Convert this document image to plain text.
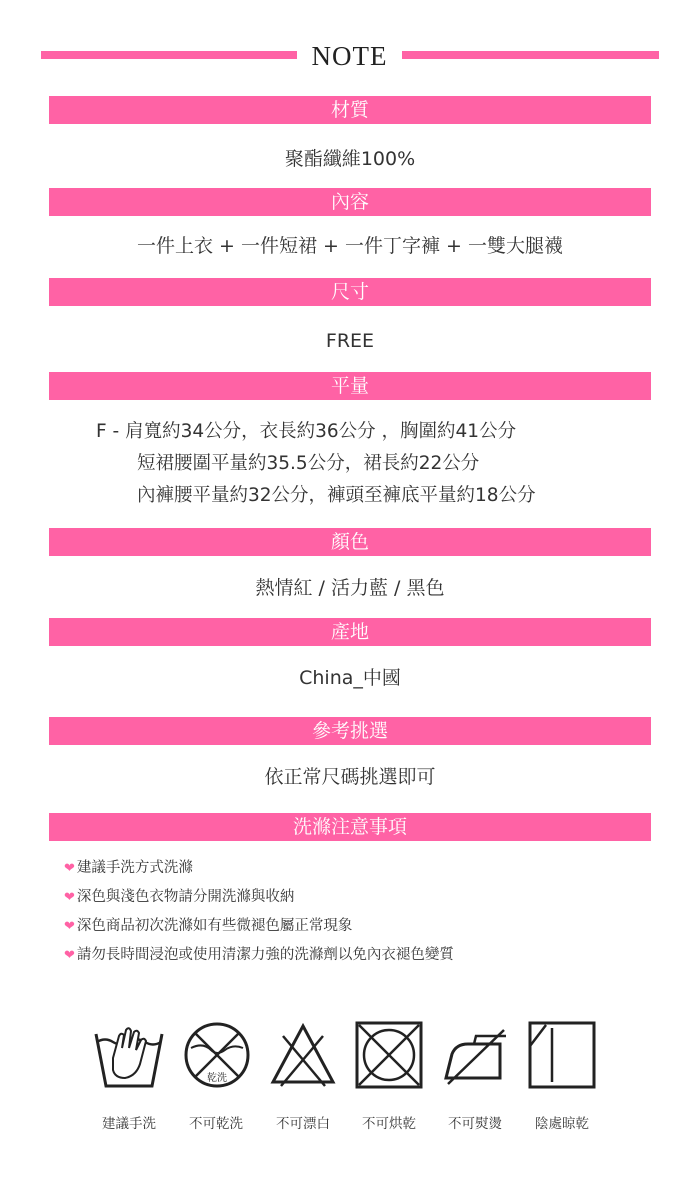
NOTE
材質
聚酯纖維100%
內容
一件上衣 + 一件短裙 + 一件丁字褲 + 一雙大腿襪
尺寸
FREE
平量
F - 肩寬約34公分，衣長約36公分 ，胸圍約41公分
短裙腰圍平量約35.5公分，裙長約22公分
內褲腰平量約32公分，褲頭至褲底平量約18公分
顏色
熱情紅 / 活力藍 / 黑色
產地
China_中國
參考挑選
依正常尺碼挑選即可
洗滌注意事項
❤ 建議手洗方式洗滌
❤ 深色與淺色衣物請分開洗滌與收納
❤ 深色商品初次洗滌如有些微褪色屬正常現象
❤ 請勿長時間浸泡或使用清潔力強的洗滌劑以免內衣褪色變質
乾洗
建議手洗	不可乾洗	不可漂白	不可烘乾	不可熨燙	陰處晾乾
